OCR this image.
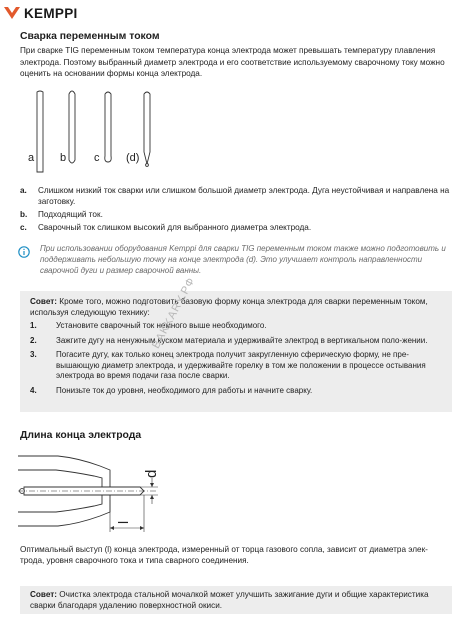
KEMPPI
Сварка переменным током
При сварке TIG переменным током температура конца электрода может превышать температуру плавления электрода. Поэтому выбранный диаметр электрода и его соответствие используемому сварочному току можно оценить на основании формы конца электрода.
a b	c (d)
a. Слишком низкий ток сварки или слишком большой диаметр электрода. Дуга неустойчивая и направлена на заготовку.
b. Подходящий ток.
c. Сварочный ток слишком высокий для выбранного диаметра электрода.
При использовании оборудования Kemppi для сварки TIG переменным током также можно подготовить и поддерживать небольшую точку на конце электрода (d). Это улучшает контроль направленности сварочной дуги и размер сварочной ванны.
Совет: Кроме того, можно подготовить базовую форму конца электрода для сварки переменным током, используя следующую технику:
1. Установите сварочный ток немного выше необходимого.
2. Зажгите дугу на ненужным куском материала и удерживайте электрод в вертикальном поло-жении.
3. Погасите дугу, как только конец электрода получит закругленную сферическую форму, не пре-вышающую диаметр электрода, и удерживайте горелку в том же положении в процессе остывания электрода во время подачи газа после сварки.
4. Понизьте ток до уровня, необходимого для работы и начните сварку.
BAKKARY.РФ
Длина конца электрода
d
l
Оптимальный выступ (l) конца электрода, измеренный от торца газового сопла, зависит от диаметра элек-трода, уровня сварочного тока и типа сварного соединения.
Совет: Очистка электрода стальной мочалкой может улучшить зажигание дуги и общие характеристика сварки благодаря удалению поверхностной окиси.
